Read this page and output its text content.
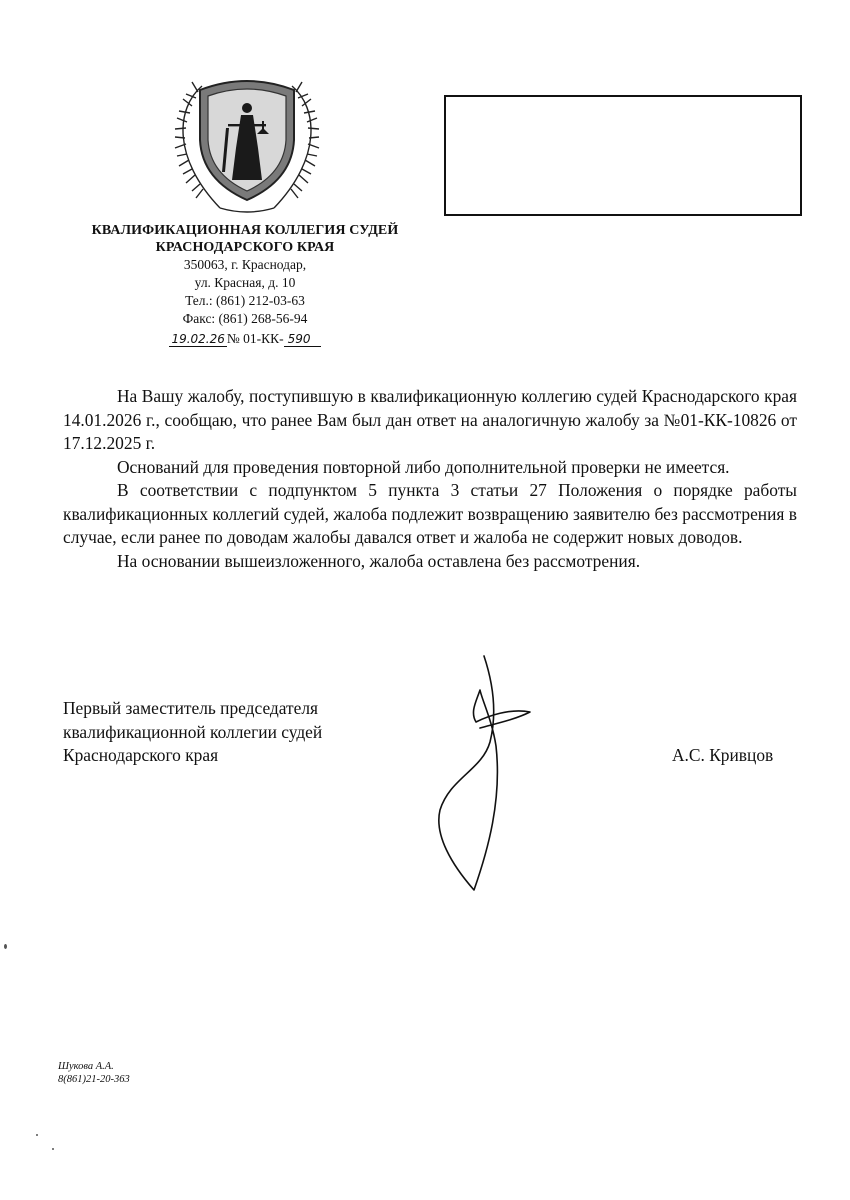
КВАЛИФИКАЦИОННАЯ КОЛЛЕГИЯ СУДЕЙ
КРАСНОДАРСКОГО КРАЯ
350063, г. Краснодар,
ул. Красная, д. 10
Тел.: (861) 212-03-63
Факс: (861) 268-56-94
19.02.26 № 01-КК- 590

На Вашу жалобу, поступившую в квалификационную коллегию судей Краснодарского края 14.01.2026 г., сообщаю, что ранее Вам был дан ответ на аналогичную жалобу за №01-КК-10826 от 17.12.2025 г.

Оснований для проведения повторной либо дополнительной проверки не имеется.

В соответствии с подпунктом 5 пункта 3 статьи 27 Положения о порядке работы квалификационных коллегий судей, жалоба подлежит возвращению заявителю без рассмотрения в случае, если ранее по доводам жалобы давался ответ и жалоба не содержит новых доводов.

На основании вышеизложенного, жалоба оставлена без рассмотрения.

Первый заместитель председателя
квалификационной коллегии судей
Краснодарского края	А.С. Кривцов
Шукова А.А.
8(861)21-20-363
